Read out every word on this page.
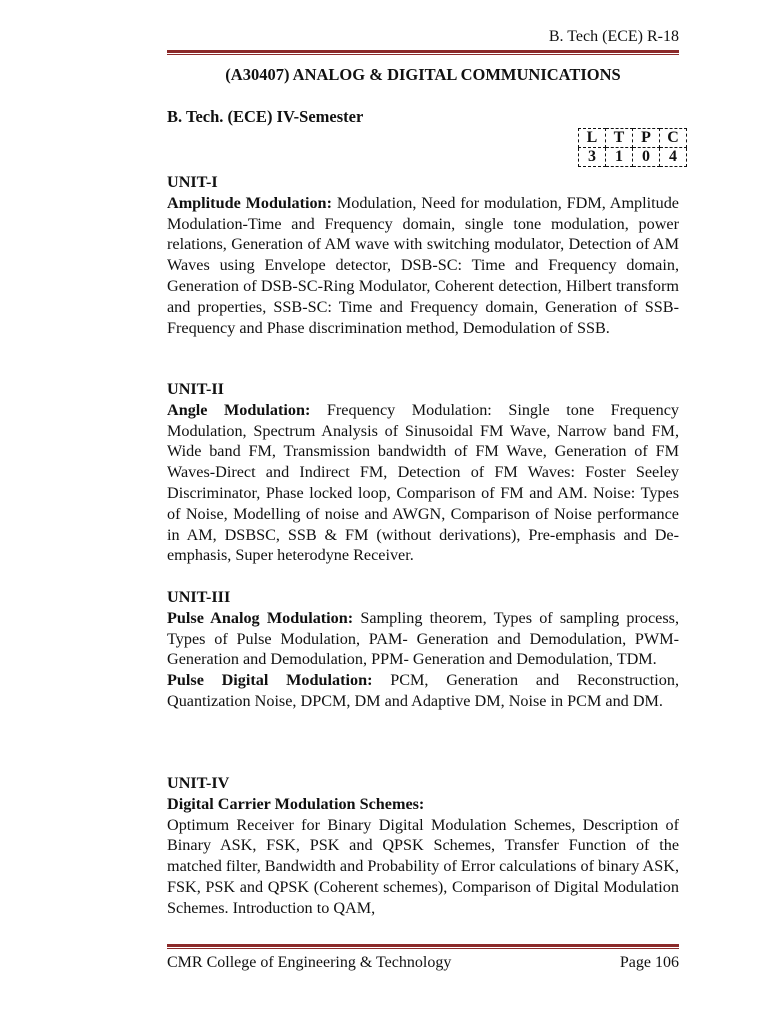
B. Tech (ECE) R-18
(A30407) ANALOG & DIGITAL COMMUNICATIONS
B. Tech. (ECE) IV-Semester
L	T	P	C
3	1	0	4
UNIT-I

Amplitude Modulation: Modulation, Need for modulation, FDM, Amplitude Modulation-Time and Frequency domain, single tone modulation, power relations, Generation of AM wave with switching modulator, Detection of AM Waves using Envelope detector, DSB-SC: Time and Frequency domain, Generation of DSB-SC-Ring Modulator, Coherent detection, Hilbert transform and properties, SSB-SC: Time and Frequency domain, Generation of SSB-Frequency and Phase discrimination method, Demodulation of SSB.

UNIT-II

Angle Modulation: Frequency Modulation: Single tone Frequency Modulation, Spectrum Analysis of Sinusoidal FM Wave, Narrow band FM, Wide band FM, Transmission bandwidth of FM Wave, Generation of FM Waves-Direct and Indirect FM, Detection of FM Waves: Foster Seeley Discriminator, Phase locked loop, Comparison of FM and AM. Noise: Types of Noise, Modelling of noise and AWGN, Comparison of Noise performance in AM, DSBSC, SSB & FM (without derivations), Pre-emphasis and De-emphasis, Super heterodyne Receiver.

UNIT-III

Pulse Analog Modulation: Sampling theorem, Types of sampling process, Types of Pulse Modulation, PAM- Generation and Demodulation, PWM- Generation and Demodulation, PPM- Generation and Demodulation, TDM.

Pulse Digital Modulation: PCM, Generation and Reconstruction, Quantization Noise, DPCM, DM and Adaptive DM, Noise in PCM and DM.

UNIT-IV
Digital Carrier Modulation Schemes:

Optimum Receiver for Binary Digital Modulation Schemes, Description of Binary ASK, FSK, PSK and QPSK Schemes, Transfer Function of the matched filter, Bandwidth and Probability of Error calculations of binary ASK, FSK, PSK and QPSK (Coherent schemes), Comparison of Digital Modulation Schemes. Introduction to QAM,

CMR College of Engineering & Technology	Page 106
